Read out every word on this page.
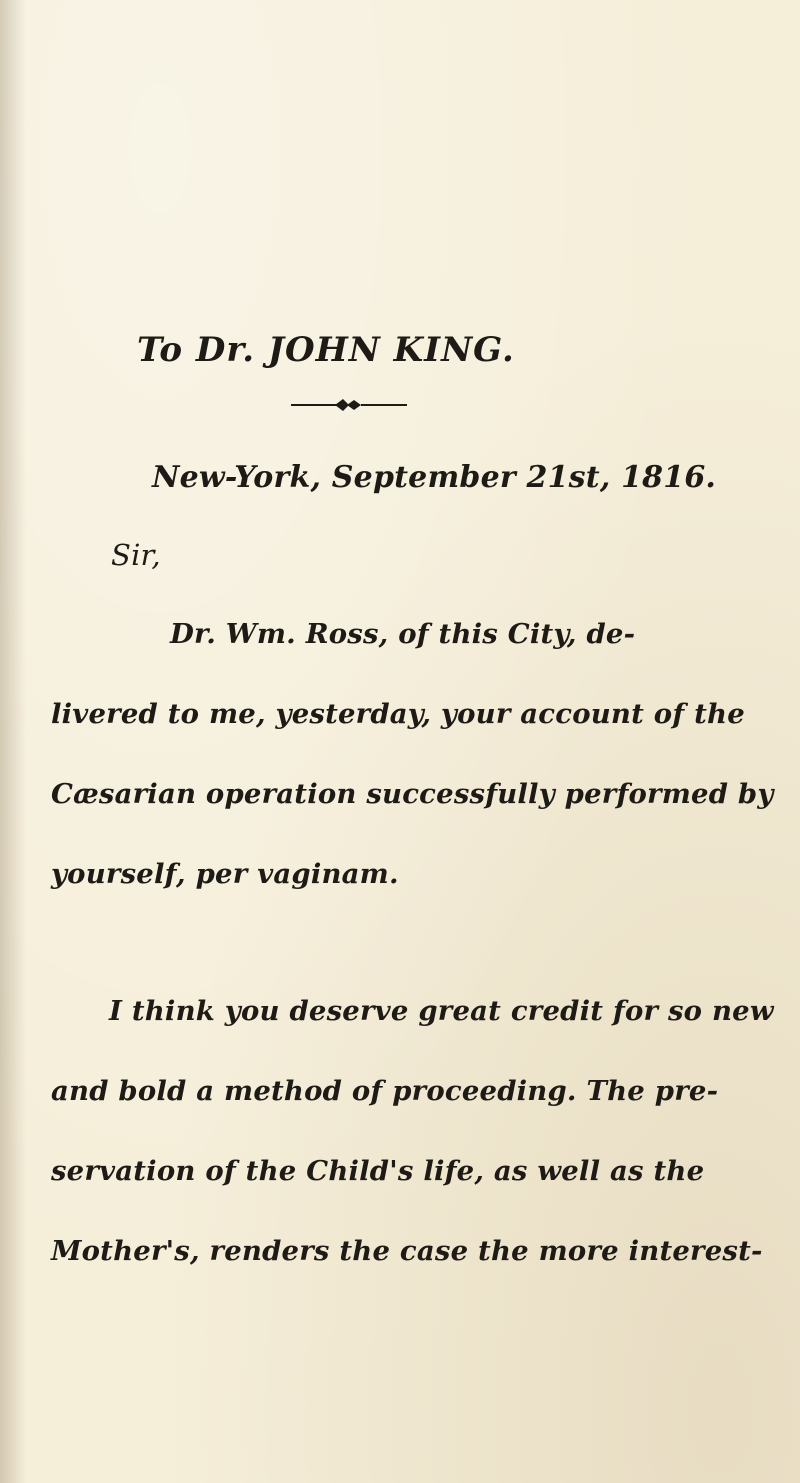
To Dr. JOHN KING.
New-York, September 21st, 1816.
Sir,
Dr. Wm. Ross, of this City, de-
livered to me, yesterday, your account of the
Cæsarian operation successfully performed by
yourself, per vaginam.
I think you deserve great credit for so new
and bold a method of proceeding. The pre-
servation of the Child's life, as well as the
Mother's, renders the case the more interest-
